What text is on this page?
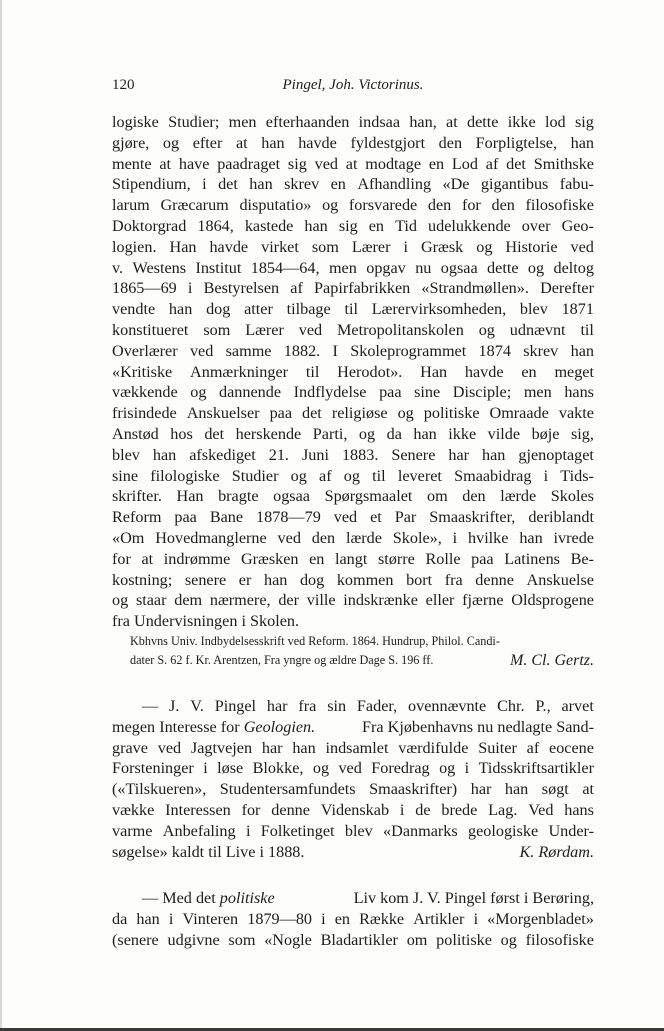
120	Pingel, Joh. Victorinus.
logiske Studier; men efterhaanden indsaa han, at dette ikke lod sig
gjøre, og efter at han havde fyldestgjort den Forpligtelse, han
mente at have paadraget sig ved at modtage en Lod af det Smithske
Stipendium, i det han skrev en Afhandling «De gigantibus fabu-
larum Græcarum disputatio» og forsvarede den for den filosofiske
Doktorgrad 1864, kastede han sig en Tid udelukkende over Geo-
logien. Han havde virket som Lærer i Græsk og Historie ved
v. Westens Institut 1854—64, men opgav nu ogsaa dette og deltog
1865—69 i Bestyrelsen af Papirfabrikken «Strandmøllen». Derefter
vendte han dog atter tilbage til Lærervirksomheden, blev 1871
konstitueret som Lærer ved Metropolitanskolen og udnævnt til
Overlærer ved samme 1882. I Skoleprogrammet 1874 skrev han
«Kritiske Anmærkninger til Herodot». Han havde en meget
vækkende og dannende Indflydelse paa sine Disciple; men hans
frisindede Anskuelser paa det religiøse og politiske Omraade vakte
Anstød hos det herskende Parti, og da han ikke vilde bøje sig,
blev han afskediget 21. Juni 1883. Senere har han gjenoptaget
sine filologiske Studier og af og til leveret Smaabidrag i Tids-
skrifter. Han bragte ogsaa Spørgsmaalet om den lærde Skoles
Reform paa Bane 1878—79 ved et Par Smaaskrifter, deriblandt
«Om Hovedmanglerne ved den lærde Skole», i hvilke han ivrede
for at indrømme Græsken en langt større Rolle paa Latinens Be-
kostning; senere er han dog kommen bort fra denne Anskuelse
og staar dem nærmere, der ville indskrænke eller fjærne Oldsprogene
fra Undervisningen i Skolen.
Kbhvns Univ. Indbydelsesskrift ved Reform. 1864. Hundrup, Philol. Candi-
dater S. 62 f. Kr. Arentzen, Fra yngre og ældre Dage S. 196 ff.	M. Cl. Gertz.
— J. V. Pingel har fra sin Fader, ovennævnte Chr. P., arvet
megen Interesse for Geologien.	Fra Kjøbenhavns nu nedlagte Sand-
grave ved Jagtvejen har han indsamlet værdifulde Suiter af eocene
Forsteninger i løse Blokke, og ved Foredrag og i Tidsskriftsartikler
(«Tilskueren», Studentersamfundets Smaaskrifter) har han søgt at
vække Interessen for denne Videnskab i de brede Lag. Ved hans
varme Anbefaling i Folketinget blev «Danmarks geologiske Under-
søgelse» kaldt til Live i 1888.	K. Rørdam.
— Med det politiske	Liv kom J. V. Pingel først i Berøring,
da han i Vinteren 1879—80 i en Række Artikler i «Morgenbladet»
(senere udgivne som «Nogle Bladartikler om politiske og filosofiske
